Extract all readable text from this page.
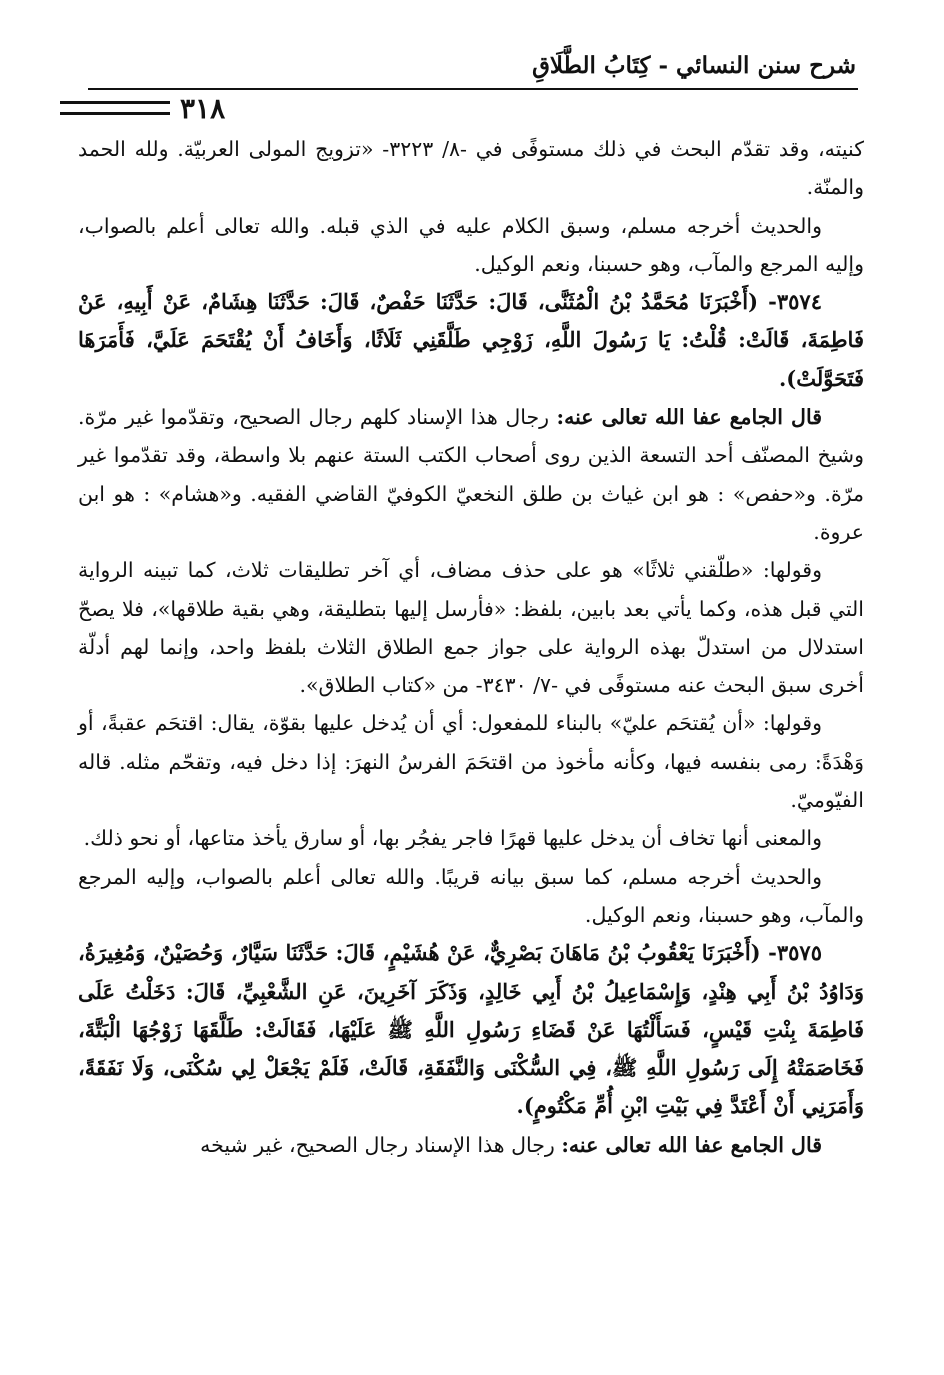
شرح سنن النسائي - كِتَابُ الطَّلَاقِ
٣١٨

كنيته، وقد تقدّم البحث في ذلك مستوفًى في -٨/ ٣٢٢٣- «تزويج المولى العربيّة. ولله الحمد والمنّة.

والحديث أخرجه مسلم، وسبق الكلام عليه في الذي قبله. والله تعالى أعلم بالصواب، وإليه المرجع والمآب، وهو حسبنا، ونعم الوكيل.

٣٥٧٤- (أَخْبَرَنَا مُحَمَّدُ بْنُ الْمُثَنَّى، قَالَ: حَدَّثَنَا حَفْصٌ، قَالَ: حَدَّثَنَا هِشَامٌ، عَنْ أَبِيهِ، عَنْ فَاطِمَةَ، قَالَتْ: قُلْتُ: يَا رَسُولَ اللَّهِ، زَوْجِي طَلَّقَنِي ثَلَاثًا، وَأَخَافُ أَنْ يُقْتَحَمَ عَلَيَّ، فَأَمَرَهَا فَتَحَوَّلَتْ).

قال الجامع عفا الله تعالى عنه: رجال هذا الإسناد كلهم رجال الصحيح، وتقدّموا غير مرّة. وشيخ المصنّف أحد التسعة الذين روى أصحاب الكتب الستة عنهم بلا واسطة، وقد تقدّموا غير مرّة. و«حفص» : هو ابن غياث بن طلق النخعيّ الكوفيّ القاضي الفقيه. و«هشام» : هو ابن عروة.

وقولها: «طلّقني ثلاثًا» هو على حذف مضاف، أي آخر تطليقات ثلاث، كما تبينه الرواية التي قبل هذه، وكما يأتي بعد بابين، بلفظ: «فأرسل إليها بتطليقة، وهي بقية طلاقها»، فلا يصحّ استدلال من استدلّ بهذه الرواية على جواز جمع الطلاق الثلاث بلفظ واحد، وإنما لهم أدلّة أخرى سبق البحث عنه مستوفًى في -٧/ ٣٤٣٠- من «كتاب الطلاق».

وقولها: «أن يُقتحَم عليّ» بالبناء للمفعول: أي أن يُدخل عليها بقوّة، يقال: اقتحَم عقبةً، أو وَهْدَةً: رمى بنفسه فيها، وكأنه مأخوذ من اقتحَمَ الفرسُ النهرَ: إذا دخل فيه، وتقحّم مثله. قاله الفيّوميّ.

والمعنى أنها تخاف أن يدخل عليها قهرًا فاجر يفجُر بها، أو سارق يأخذ متاعها، أو نحو ذلك.

والحديث أخرجه مسلم، كما سبق بيانه قريبًا. والله تعالى أعلم بالصواب، وإليه المرجع والمآب، وهو حسبنا، ونعم الوكيل.

٣٥٧٥- (أَخْبَرَنَا يَعْقُوبُ بْنُ مَاهَانَ بَصْرِيٌّ، عَنْ هُشَيْمٍ، قَالَ: حَدَّثَنَا سَيَّارٌ، وَحُصَيْنٌ، وَمُغِيرَةُ، وَدَاوُدُ بْنُ أَبِي هِنْدٍ، وَإِسْمَاعِيلُ بْنُ أَبِي خَالِدٍ، وَذَكَرَ آخَرِينَ، عَنِ الشَّعْبِيِّ، قَالَ: دَخَلْتُ عَلَى فَاطِمَةَ بِنْتِ قَيْسٍ، فَسَأَلْتُهَا عَنْ قَضَاءِ رَسُولِ اللَّهِ ﷺ عَلَيْهَا، فَقَالَتْ: طَلَّقَهَا زَوْجُهَا الْبَتَّةَ، فَخَاصَمَتْهُ إِلَى رَسُولِ اللَّهِ ﷺ، فِي السُّكْنَى وَالنَّفَقَةِ، قَالَتْ، فَلَمْ يَجْعَلْ لِي سُكْنَى، وَلَا نَفَقَةً، وَأَمَرَنِي أَنْ أَعْتَدَّ فِي بَيْتِ ابْنِ أُمِّ مَكْتُومٍ).

قال الجامع عفا الله تعالى عنه: رجال هذا الإسناد رجال الصحيح، غير شيخه
